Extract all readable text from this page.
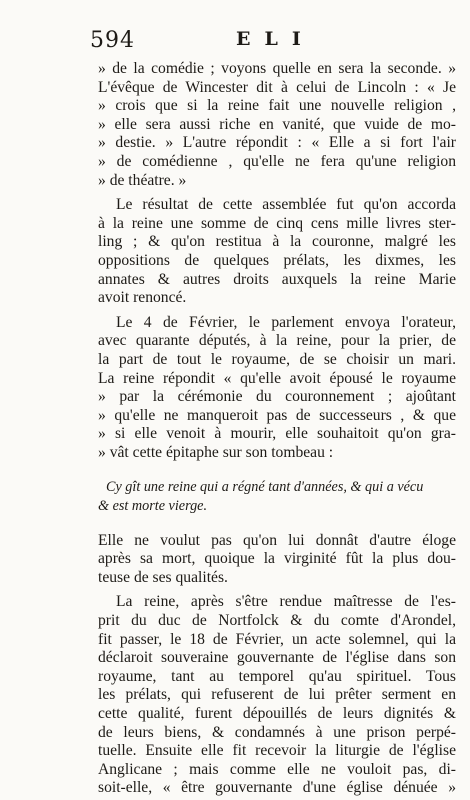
594	ELI
» de la comédie ; voyons quelle en sera la seconde. »
L'évêque de Wincester dit à celui de Lincoln : « Je
» crois que si la reine fait une nouvelle religion ,
» elle sera aussi riche en vanité, que vuide de mo-
» destie. » L'autre répondit : « Elle a si fort l'air
» de comédienne , qu'elle ne fera qu'une religion
» de théatre. »
Le résultat de cette assemblée fut qu'on accorda
à la reine une somme de cinq cens mille livres ster-
ling ; & qu'on restitua à la couronne, malgré les
oppositions de quelques prélats, les dixmes, les
annates & autres droits auxquels la reine Marie
avoit renoncé.
Le 4 de Février, le parlement envoya l'orateur,
avec quarante députés, à la reine, pour la prier, de
la part de tout le royaume, de se choisir un mari.
La reine répondit « qu'elle avoit épousé le royaume
» par la cérémonie du couronnement ; ajoûtant
» qu'elle ne manqueroit pas de successeurs , & que
» si elle venoit à mourir, elle souhaitoit qu'on gra-
» vât cette épitaphe sur son tombeau :
Cy gît une reine qui a régné tant d'années, & qui a vécu
& est morte vierge.
Elle ne voulut pas qu'on lui donnât d'autre éloge
après sa mort, quoique la virginité fût la plus dou-
teuse de ses qualités.
La reine, après s'être rendue maîtresse de l'es-
prit du duc de Nortfolck & du comte d'Arondel,
fit passer, le 18 de Février, un acte solemnel, qui la
déclaroit souveraine gouvernante de l'église dans son
royaume, tant au temporel qu'au spirituel. Tous
les prélats, qui refuserent de lui prêter serment en
cette qualité, furent dépouillés de leurs dignités &
de leurs biens, & condamnés à une prison perpé-
tuelle. Ensuite elle fit recevoir la liturgie de l'église
Anglicane ; mais comme elle ne vouloit pas, di-
soit-elle, « être gouvernante d'une église dénuée »
